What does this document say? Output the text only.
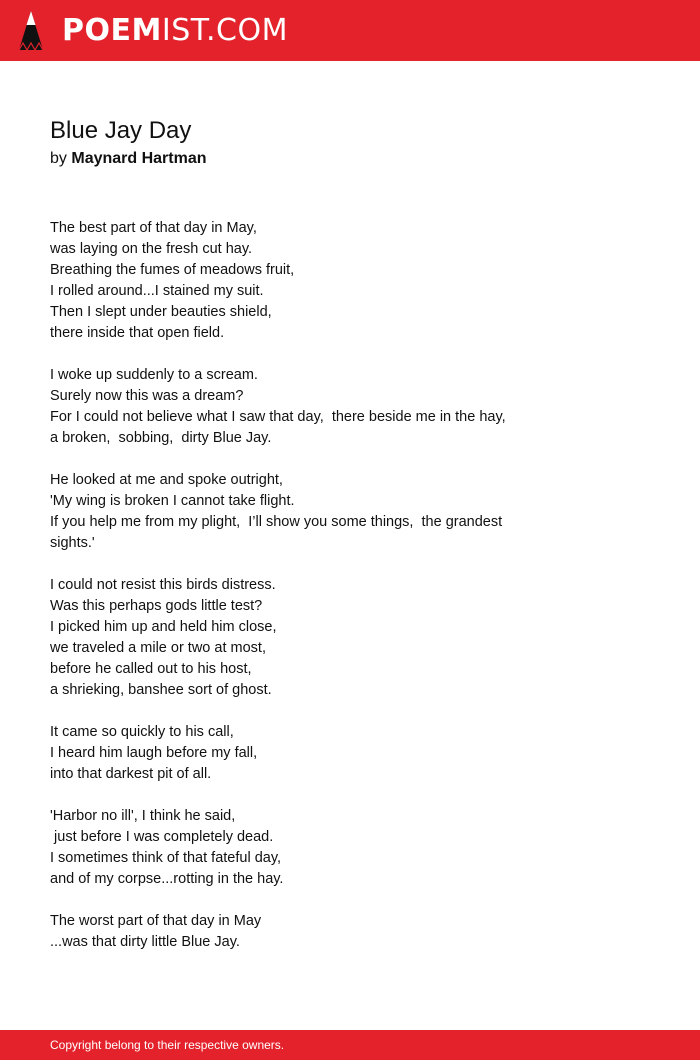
POEMIST.COM
Blue Jay Day
by Maynard Hartman
The best part of that day in May,
was laying on the fresh cut hay.
Breathing the fumes of meadows fruit,
I rolled around...I stained my suit.
Then I slept under beauties shield,
there inside that open field.
I woke up suddenly to a scream.
Surely now this was a dream?
For I could not believe what I saw that day,  there beside me in the hay,
a broken,  sobbing,  dirty Blue Jay.
He looked at me and spoke outright,
'My wing is broken I cannot take flight.
If you help me from my plight,  I’ll show you some things,  the grandest
sights.'
I could not resist this birds distress.
Was this perhaps gods little test?
I picked him up and held him close,
we traveled a mile or two at most,
before he called out to his host,
a shrieking, banshee sort of ghost.
It came so quickly to his call,
I heard him laugh before my fall,
into that darkest pit of all.
'Harbor no ill', I think he said,
just before I was completely dead.
I sometimes think of that fateful day,
and of my corpse...rotting in the hay.
The worst part of that day in May
...was that dirty little Blue Jay.
Copyright belong to their respective owners.
